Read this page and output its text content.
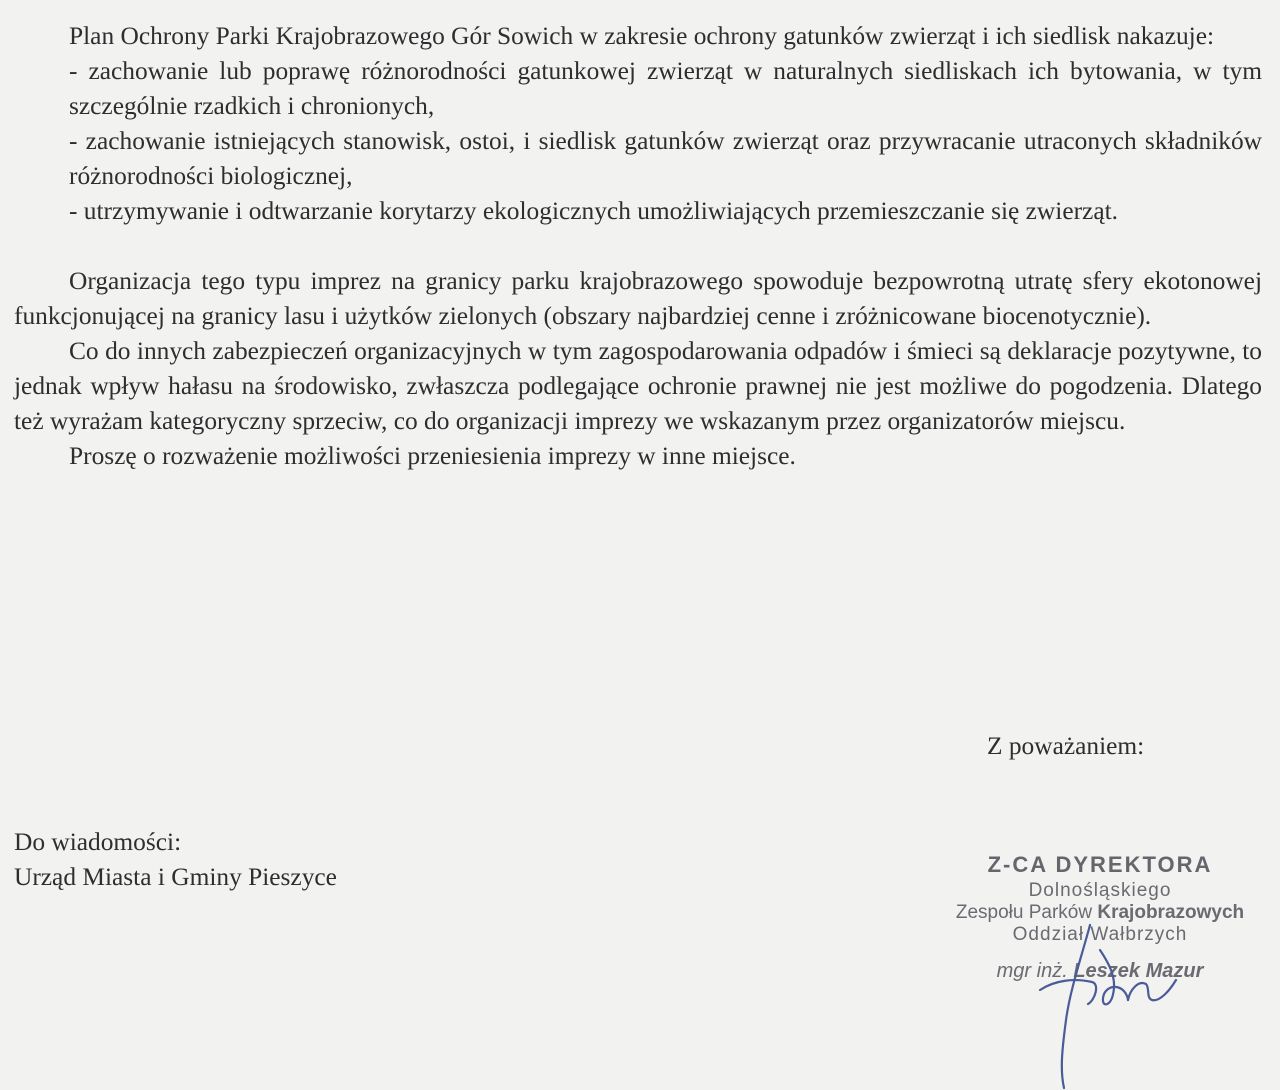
Plan Ochrony Parki Krajobrazowego Gór Sowich w zakresie ochrony gatunków zwierząt i ich siedlisk nakazuje:

- zachowanie lub poprawę różnorodności gatunkowej zwierząt w naturalnych siedliskach ich bytowania, w tym szczególnie rzadkich i chronionych,
- zachowanie istniejących stanowisk, ostoi, i siedlisk gatunków zwierząt oraz przywracanie utraconych składników różnorodności biologicznej,
- utrzymywanie i odtwarzanie korytarzy ekologicznych umożliwiających przemieszczanie się zwierząt.

Organizacja tego typu imprez na granicy parku krajobrazowego spowoduje bezpowrotną utratę sfery ekotonowej funkcjonującej na granicy lasu i użytków zielonych (obszary najbardziej cenne i zróżnicowane biocenotycznie).

Co do innych zabezpieczeń organizacyjnych w tym zagospodarowania odpadów i śmieci są deklaracje pozytywne, to jednak wpływ hałasu na środowisko, zwłaszcza podlegające ochronie prawnej nie jest możliwe do pogodzenia. Dlatego też wyrażam kategoryczny sprzeciw, co do organizacji imprezy we wskazanym przez organizatorów miejscu.

Proszę o rozważenie możliwości przeniesienia imprezy w inne miejsce.

Z poważaniem:
Do wiadomości:
Urząd Miasta i Gminy Pieszyce	Z-CA DYREKTORA
Dolnośląskiego
Zespołu Parków Krajobrazowych
Oddział Wałbrzych
mgr inż. Leszek Mazur
